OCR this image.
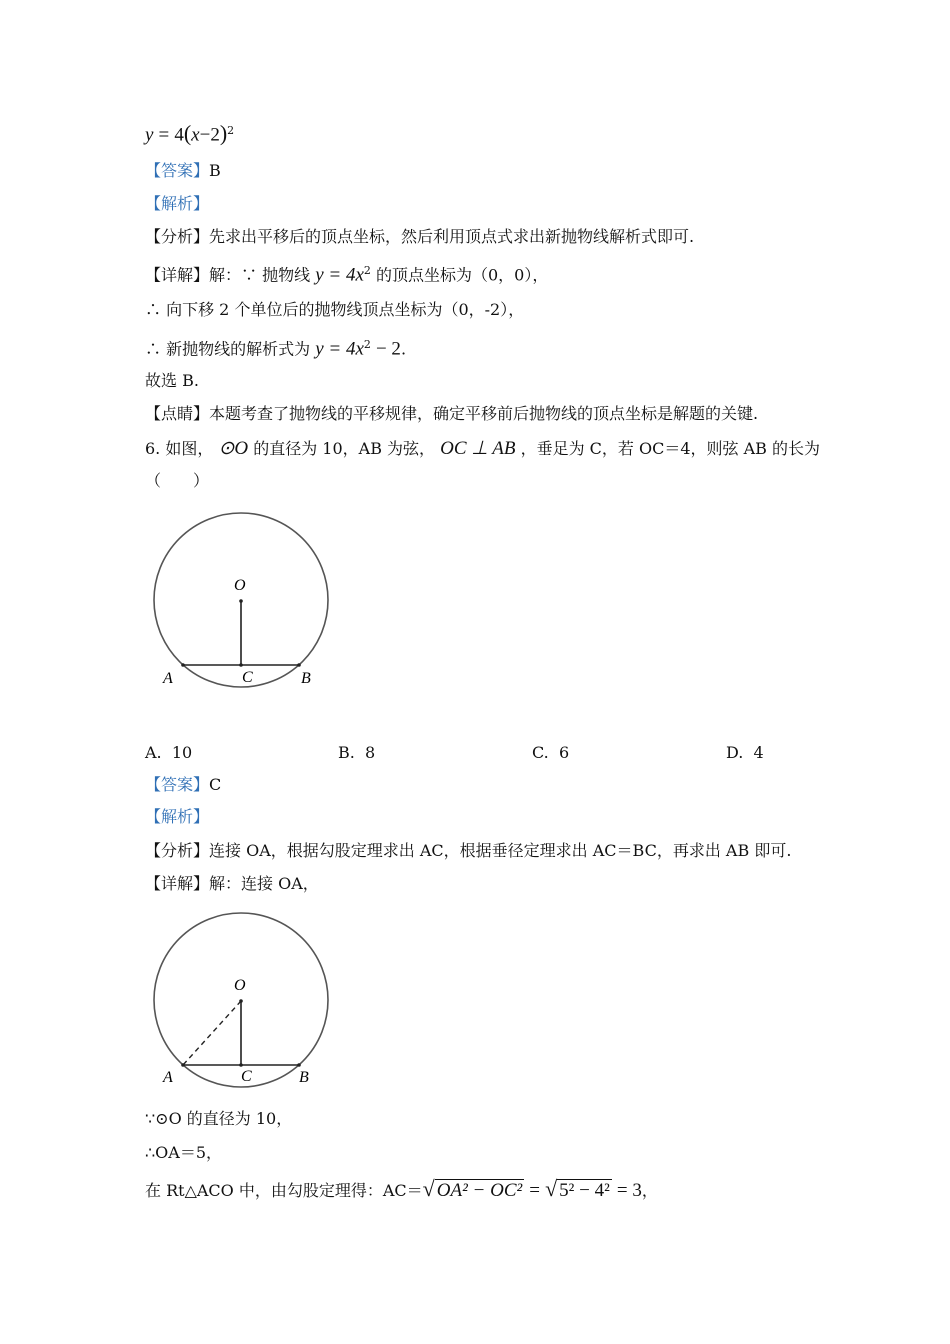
$y = 4(x-2)^2$
【答案】B
【解析】
【分析】先求出平移后的顶点坐标，然后利用顶点式求出新抛物线解析式即可.
【详解】解：∵ 抛物线 $y = 4x^2$ 的顶点坐标为（0，0），
∴ 向下移 2 个单位后的抛物线顶点坐标为（0，-2），
∴ 新抛物线的解析式为 $y = 4x^2 - 2$.
故选 B.
【点睛】本题考查了抛物线的平移规律，确定平移前后抛物线的顶点坐标是解题的关键.
6. 如图， ⊙O 的直径为 10，AB 为弦， OC ⊥ AB ，垂足为 C，若 OC＝4，则弦 AB 的长为
（　　）
O
A	C	B
A. 10	B. 8	C. 6	D. 4
【答案】C
【解析】
【分析】连接 OA，根据勾股定理求出 AC，根据垂径定理求出 AC＝BC，再求出 AB 即可.
【详解】解：连接 OA，
O
A	C	B
∵⊙O 的直径为 10，
∴OA＝5，
在 Rt△ACO 中，由勾股定理得：AC＝√ OA² − OC² = √ 5² − 4² = 3，
